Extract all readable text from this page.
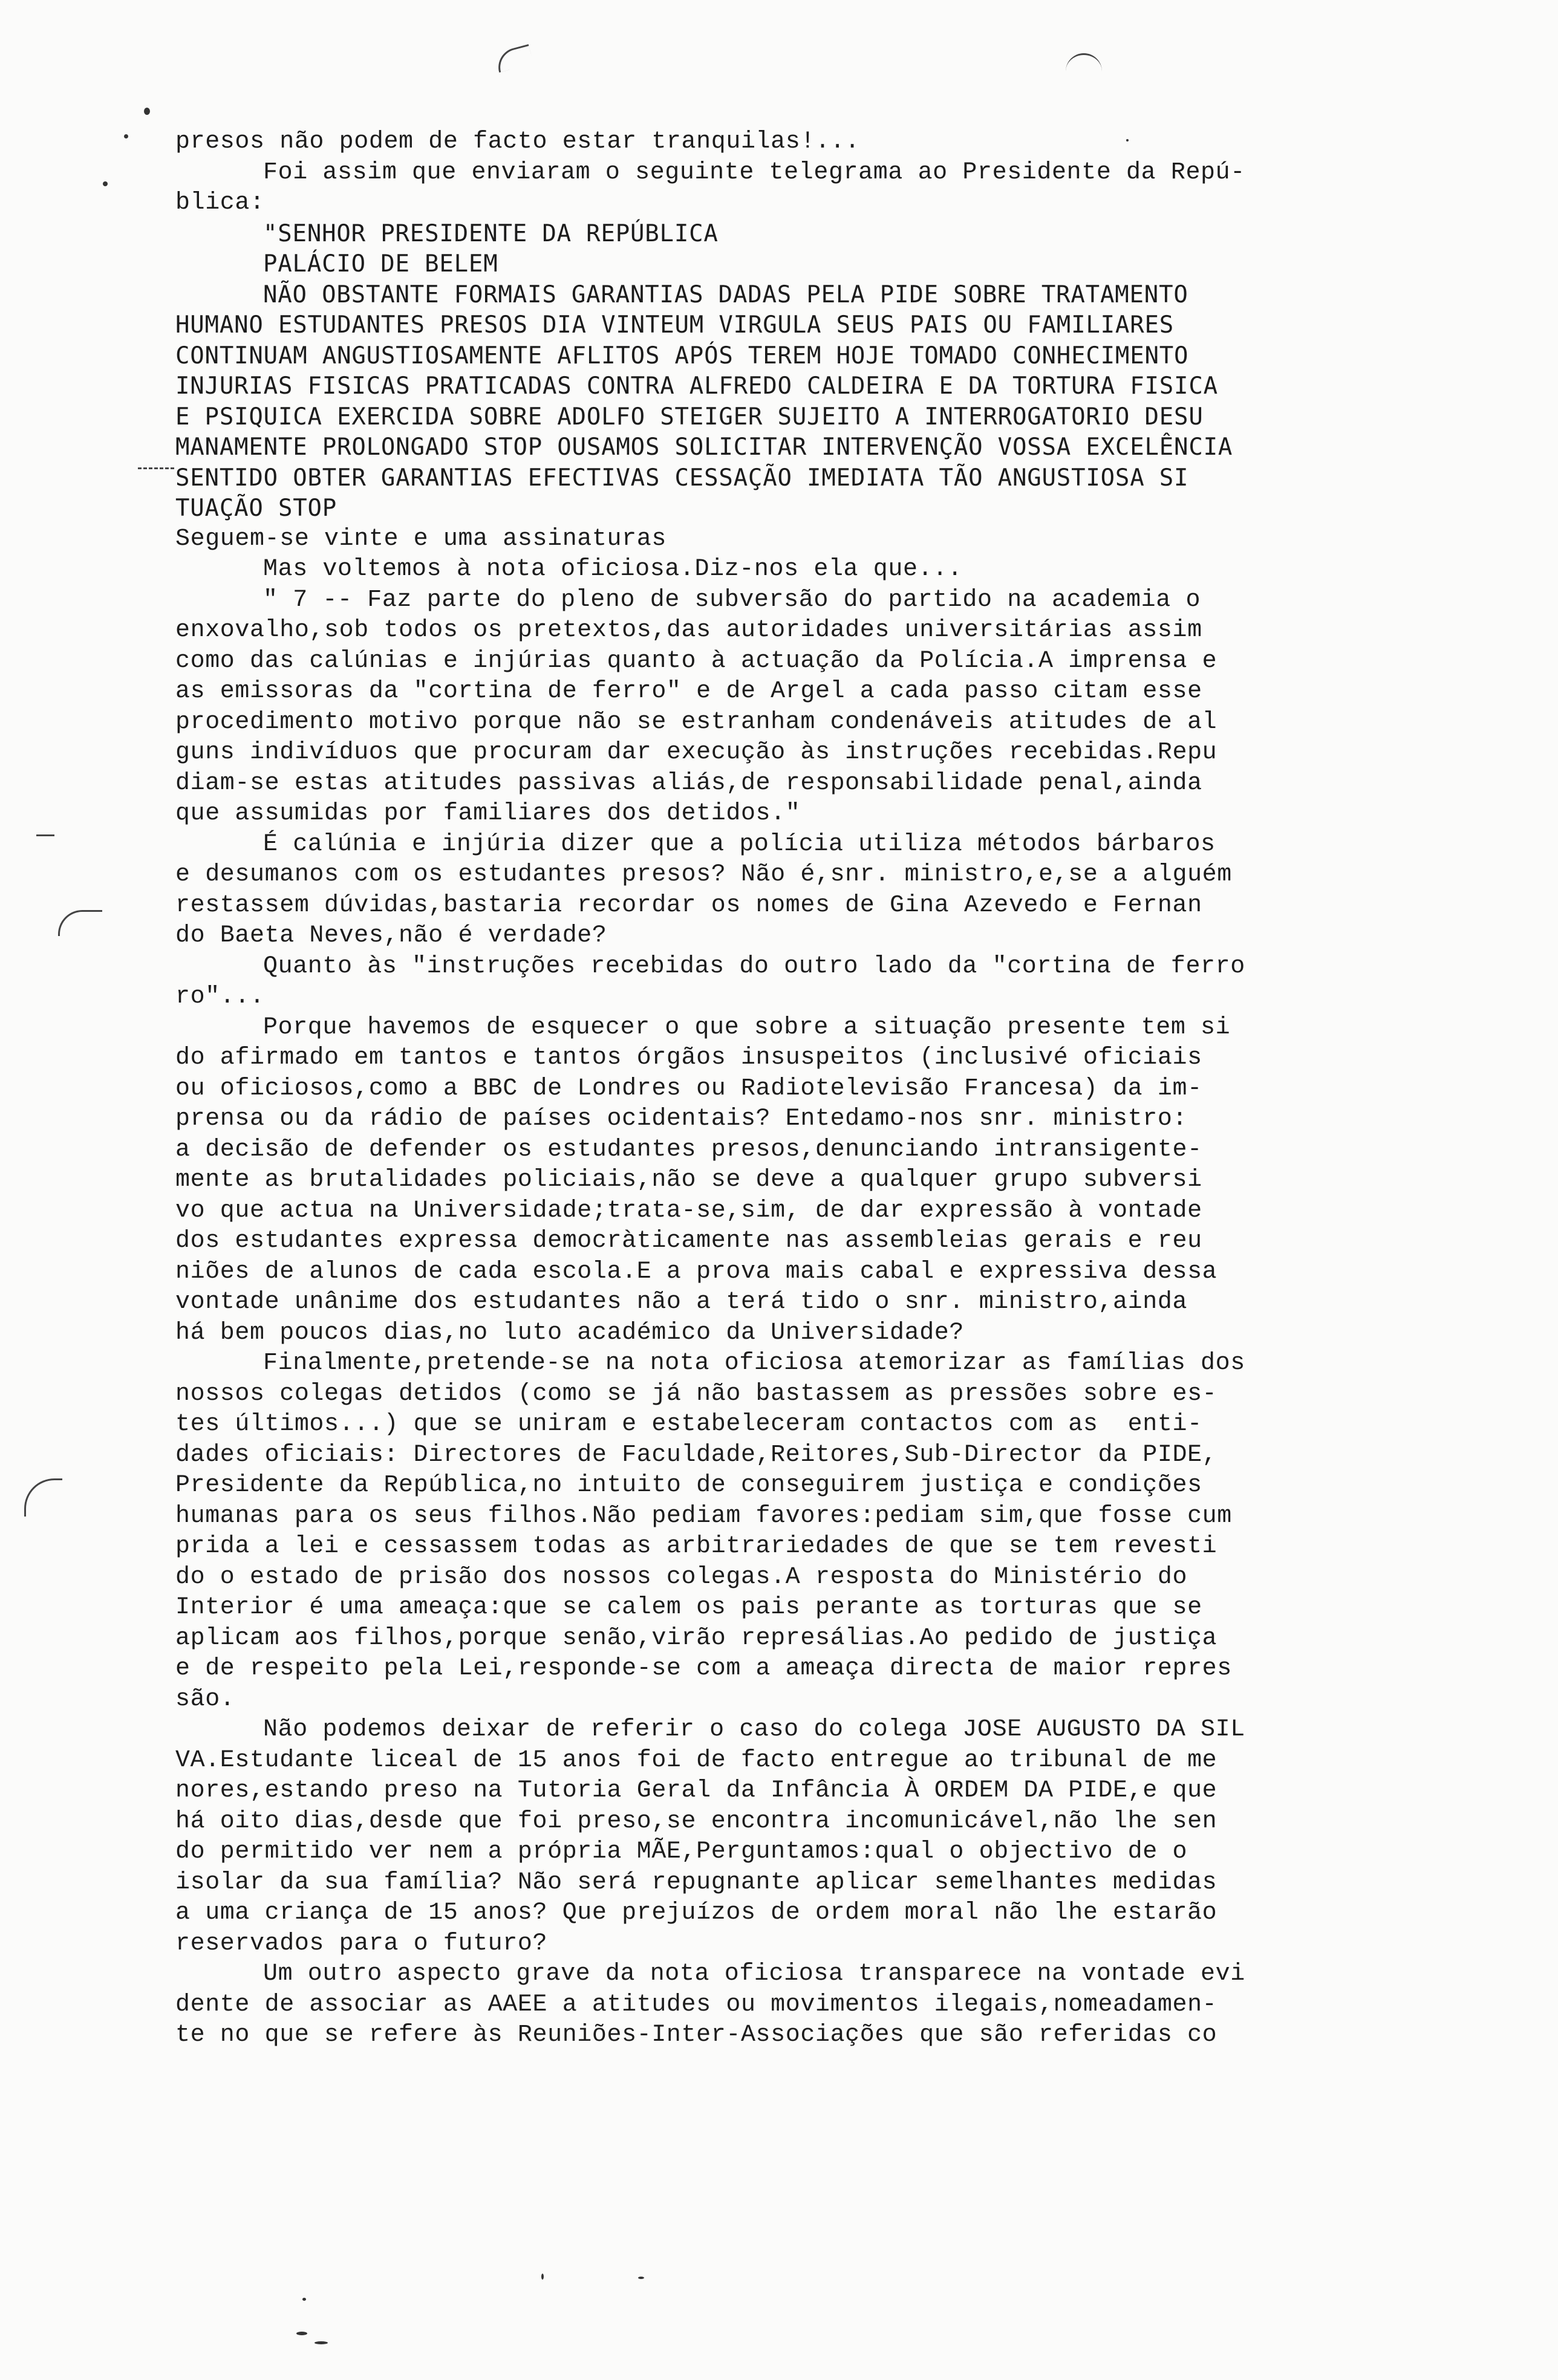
presos não podem de facto estar tranquilas!...
Foi assim que enviaram o seguinte telegrama ao Presidente da Repú-
blica:
"SENHOR PRESIDENTE DA REPÚBLICA
PALÁCIO DE BELEM
NÃO OBSTANTE FORMAIS GARANTIAS DADAS PELA PIDE SOBRE TRATAMENTO
HUMANO ESTUDANTES PRESOS DIA VINTEUM VIRGULA SEUS PAIS OU FAMILIARES
CONTINUAM ANGUSTIOSAMENTE AFLITOS APÓS TEREM HOJE TOMADO CONHECIMENTO
INJURIAS FISICAS PRATICADAS CONTRA ALFREDO CALDEIRA E DA TORTURA FISICA
E PSIQUICA EXERCIDA SOBRE ADOLFO STEIGER SUJEITO A INTERROGATORIO DESU
MANAMENTE PROLONGADO STOP OUSAMOS SOLICITAR INTERVENÇÃO VOSSA EXCELÊNCIA
SENTIDO OBTER GARANTIAS EFECTIVAS CESSAÇÃO IMEDIATA TÃO ANGUSTIOSA SI
TUAÇÃO STOP
Seguem-se vinte e uma assinaturas
Mas voltemos à nota oficiosa.Diz-nos ela que...
" 7 -- Faz parte do pleno de subversão do partido na academia o
enxovalho,sob todos os pretextos,das autoridades universitárias assim
como das calúnias e injúrias quanto à actuação da Polícia.A imprensa e
as emissoras da "cortina de ferro" e de Argel a cada passo citam esse
procedimento motivo porque não se estranham condenáveis atitudes de al
guns indivíduos que procuram dar execução às instruções recebidas.Repu
diam-se estas atitudes passivas aliás,de responsabilidade penal,ainda
que assumidas por familiares dos detidos."
É calúnia e injúria dizer que a polícia utiliza métodos bárbaros
e desumanos com os estudantes presos? Não é,snr. ministro,e,se a alguém
restassem dúvidas,bastaria recordar os nomes de Gina Azevedo e Fernan
do Baeta Neves,não é verdade?
Quanto às "instruções recebidas do outro lado da "cortina de ferro
ro"...
Porque havemos de esquecer o que sobre a situação presente tem si
do afirmado em tantos e tantos órgãos insuspeitos (inclusivé oficiais
ou oficiosos,como a BBC de Londres ou Radiotelevisão Francesa) da im-
prensa ou da rádio de países ocidentais? Entedamo-nos snr. ministro:
a decisão de defender os estudantes presos,denunciando intransigente-
mente as brutalidades policiais,não se deve a qualquer grupo subversi
vo que actua na Universidade;trata-se,sim, de dar expressão à vontade
dos estudantes expressa democràticamente nas assembleias gerais e reu
niões de alunos de cada escola.E a prova mais cabal e expressiva dessa
vontade unânime dos estudantes não a terá tido o snr. ministro,ainda
há bem poucos dias,no luto académico da Universidade?
Finalmente,pretende-se na nota oficiosa atemorizar as famílias dos
nossos colegas detidos (como se já não bastassem as pressões sobre es-
tes últimos...) que se uniram e estabeleceram contactos com as  enti-
dades oficiais: Directores de Faculdade,Reitores,Sub-Director da PIDE,
Presidente da República,no intuito de conseguirem justiça e condições
humanas para os seus filhos.Não pediam favores:pediam sim,que fosse cum
prida a lei e cessassem todas as arbitrariedades de que se tem revesti
do o estado de prisão dos nossos colegas.A resposta do Ministério do
Interior é uma ameaça:que se calem os pais perante as torturas que se
aplicam aos filhos,porque senão,virão represálias.Ao pedido de justiça
e de respeito pela Lei,responde-se com a ameaça directa de maior repres
são.
Não podemos deixar de referir o caso do colega JOSE AUGUSTO DA SIL
VA.Estudante liceal de 15 anos foi de facto entregue ao tribunal de me
nores,estando preso na Tutoria Geral da Infância À ORDEM DA PIDE,e que
há oito dias,desde que foi preso,se encontra incomunicável,não lhe sen
do permitido ver nem a própria MÃE,Perguntamos:qual o objectivo de o
isolar da sua família? Não será repugnante aplicar semelhantes medidas
a uma criança de 15 anos? Que prejuízos de ordem moral não lhe estarão
reservados para o futuro?
Um outro aspecto grave da nota oficiosa transparece na vontade evi
dente de associar as AAEE a atitudes ou movimentos ilegais,nomeadamen-
te no que se refere às Reuniões-Inter-Associações que são referidas co
